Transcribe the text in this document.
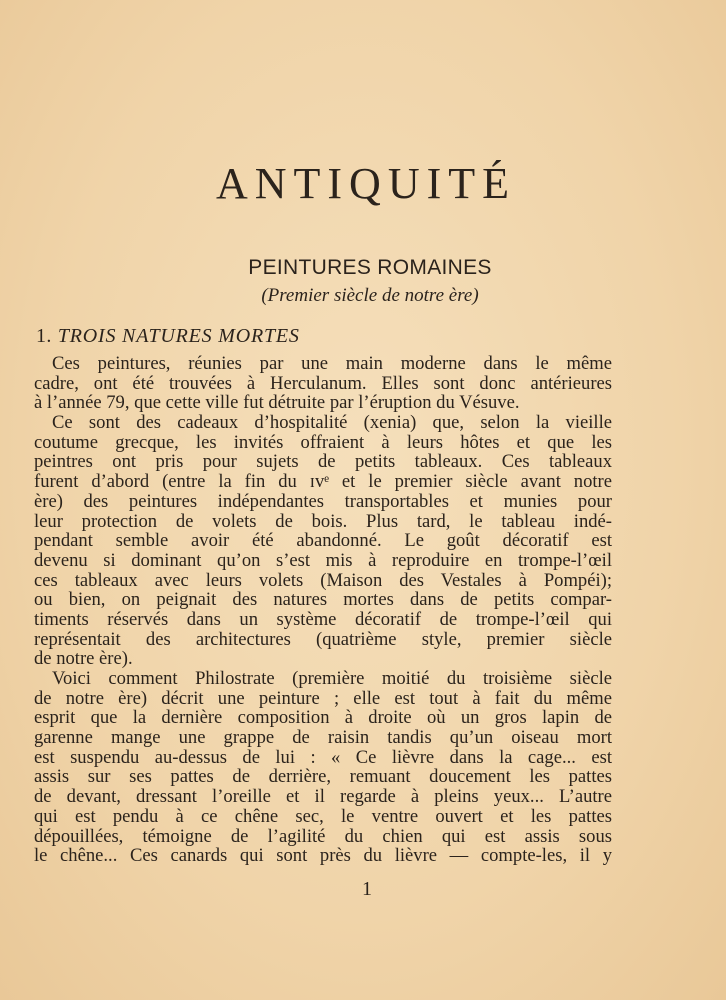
ANTIQUITÉ
PEINTURES ROMAINES
(Premier siècle de notre ère)
1. TROIS NATURES MORTES

Ces peintures, réunies par une main moderne dans le même
cadre, ont été trouvées à Herculanum. Elles sont donc antérieures
à l’année 79, que cette ville fut détruite par l’éruption du Vésuve.

Ce sont des cadeaux d’hospitalité (xenia) que, selon la vieille
coutume grecque, les invités offraient à leurs hôtes et que les
peintres ont pris pour sujets de petits tableaux. Ces tableaux
furent d’abord (entre la fin du ɪᴠᵉ et le premier siècle avant notre
ère) des peintures indépendantes transportables et munies pour
leur protection de volets de bois. Plus tard, le tableau indé-
pendant semble avoir été abandonné. Le goût décoratif est
devenu si dominant qu’on s’est mis à reproduire en trompe-l’œil
ces tableaux avec leurs volets (Maison des Vestales à Pompéi);
ou bien, on peignait des natures mortes dans de petits compar-
timents réservés dans un système décoratif de trompe-l’œil qui
représentait des architectures (quatrième style, premier siècle
de notre ère).

Voici comment Philostrate (première moitié du troisième siècle
de notre ère) décrit une peinture ; elle est tout à fait du même
esprit que la dernière composition à droite où un gros lapin de
garenne mange une grappe de raisin tandis qu’un oiseau mort
est suspendu au-dessus de lui : « Ce lièvre dans la cage... est
assis sur ses pattes de derrière, remuant doucement les pattes
de devant, dressant l’oreille et il regarde à pleins yeux... L’autre
qui est pendu à ce chêne sec, le ventre ouvert et les pattes
dépouillées, témoigne de l’agilité du chien qui est assis sous
le chêne... Ces canards qui sont près du lièvre — compte-les, il y

1
